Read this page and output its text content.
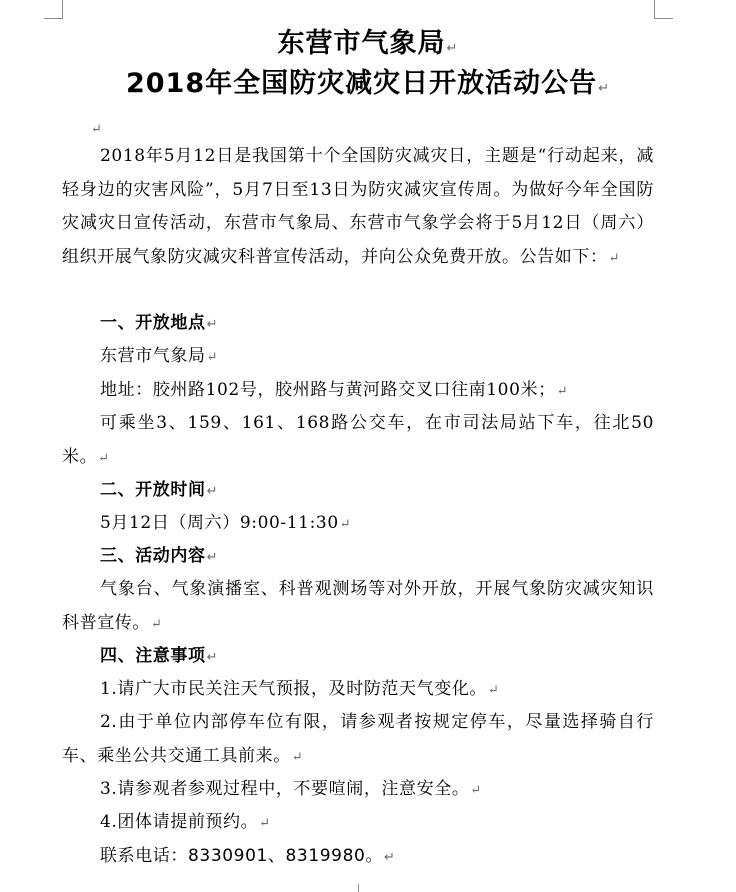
东营市气象局↵
2018年全国防灾减灾日开放活动公告↵
↵

2018年5月12日是我国第十个全国防灾减灾日，主题是“行动起来，减轻身边的灾害风险”，5月7日至13日为防灾减灾宣传周。为做好今年全国防灾减灾日宣传活动，东营市气象局、东营市气象学会将于5月12日（周六）组织开展气象防灾减灾科普宣传活动，并向公众免费开放。公告如下：↵

一、开放地点↵

东营市气象局↵

地址：胶州路102号，胶州路与黄河路交叉口往南100米；↵

可乘坐3、159、161、168路公交车，在市司法局站下车，往北50米。↵

二、开放时间↵

5月12日（周六）9:00-11:30↵

三、活动内容↵

气象台、气象演播室、科普观测场等对外开放，开展气象防灾减灾知识科普宣传。↵

四、注意事项↵

1.请广大市民关注天气预报，及时防范天气变化。↵

2.由于单位内部停车位有限，请参观者按规定停车，尽量选择骑自行车、乘坐公共交通工具前来。↵

3.请参观者参观过程中，不要喧闹，注意安全。↵

4.团体请提前预约。↵

联系电话：8330901、8319980。↵
